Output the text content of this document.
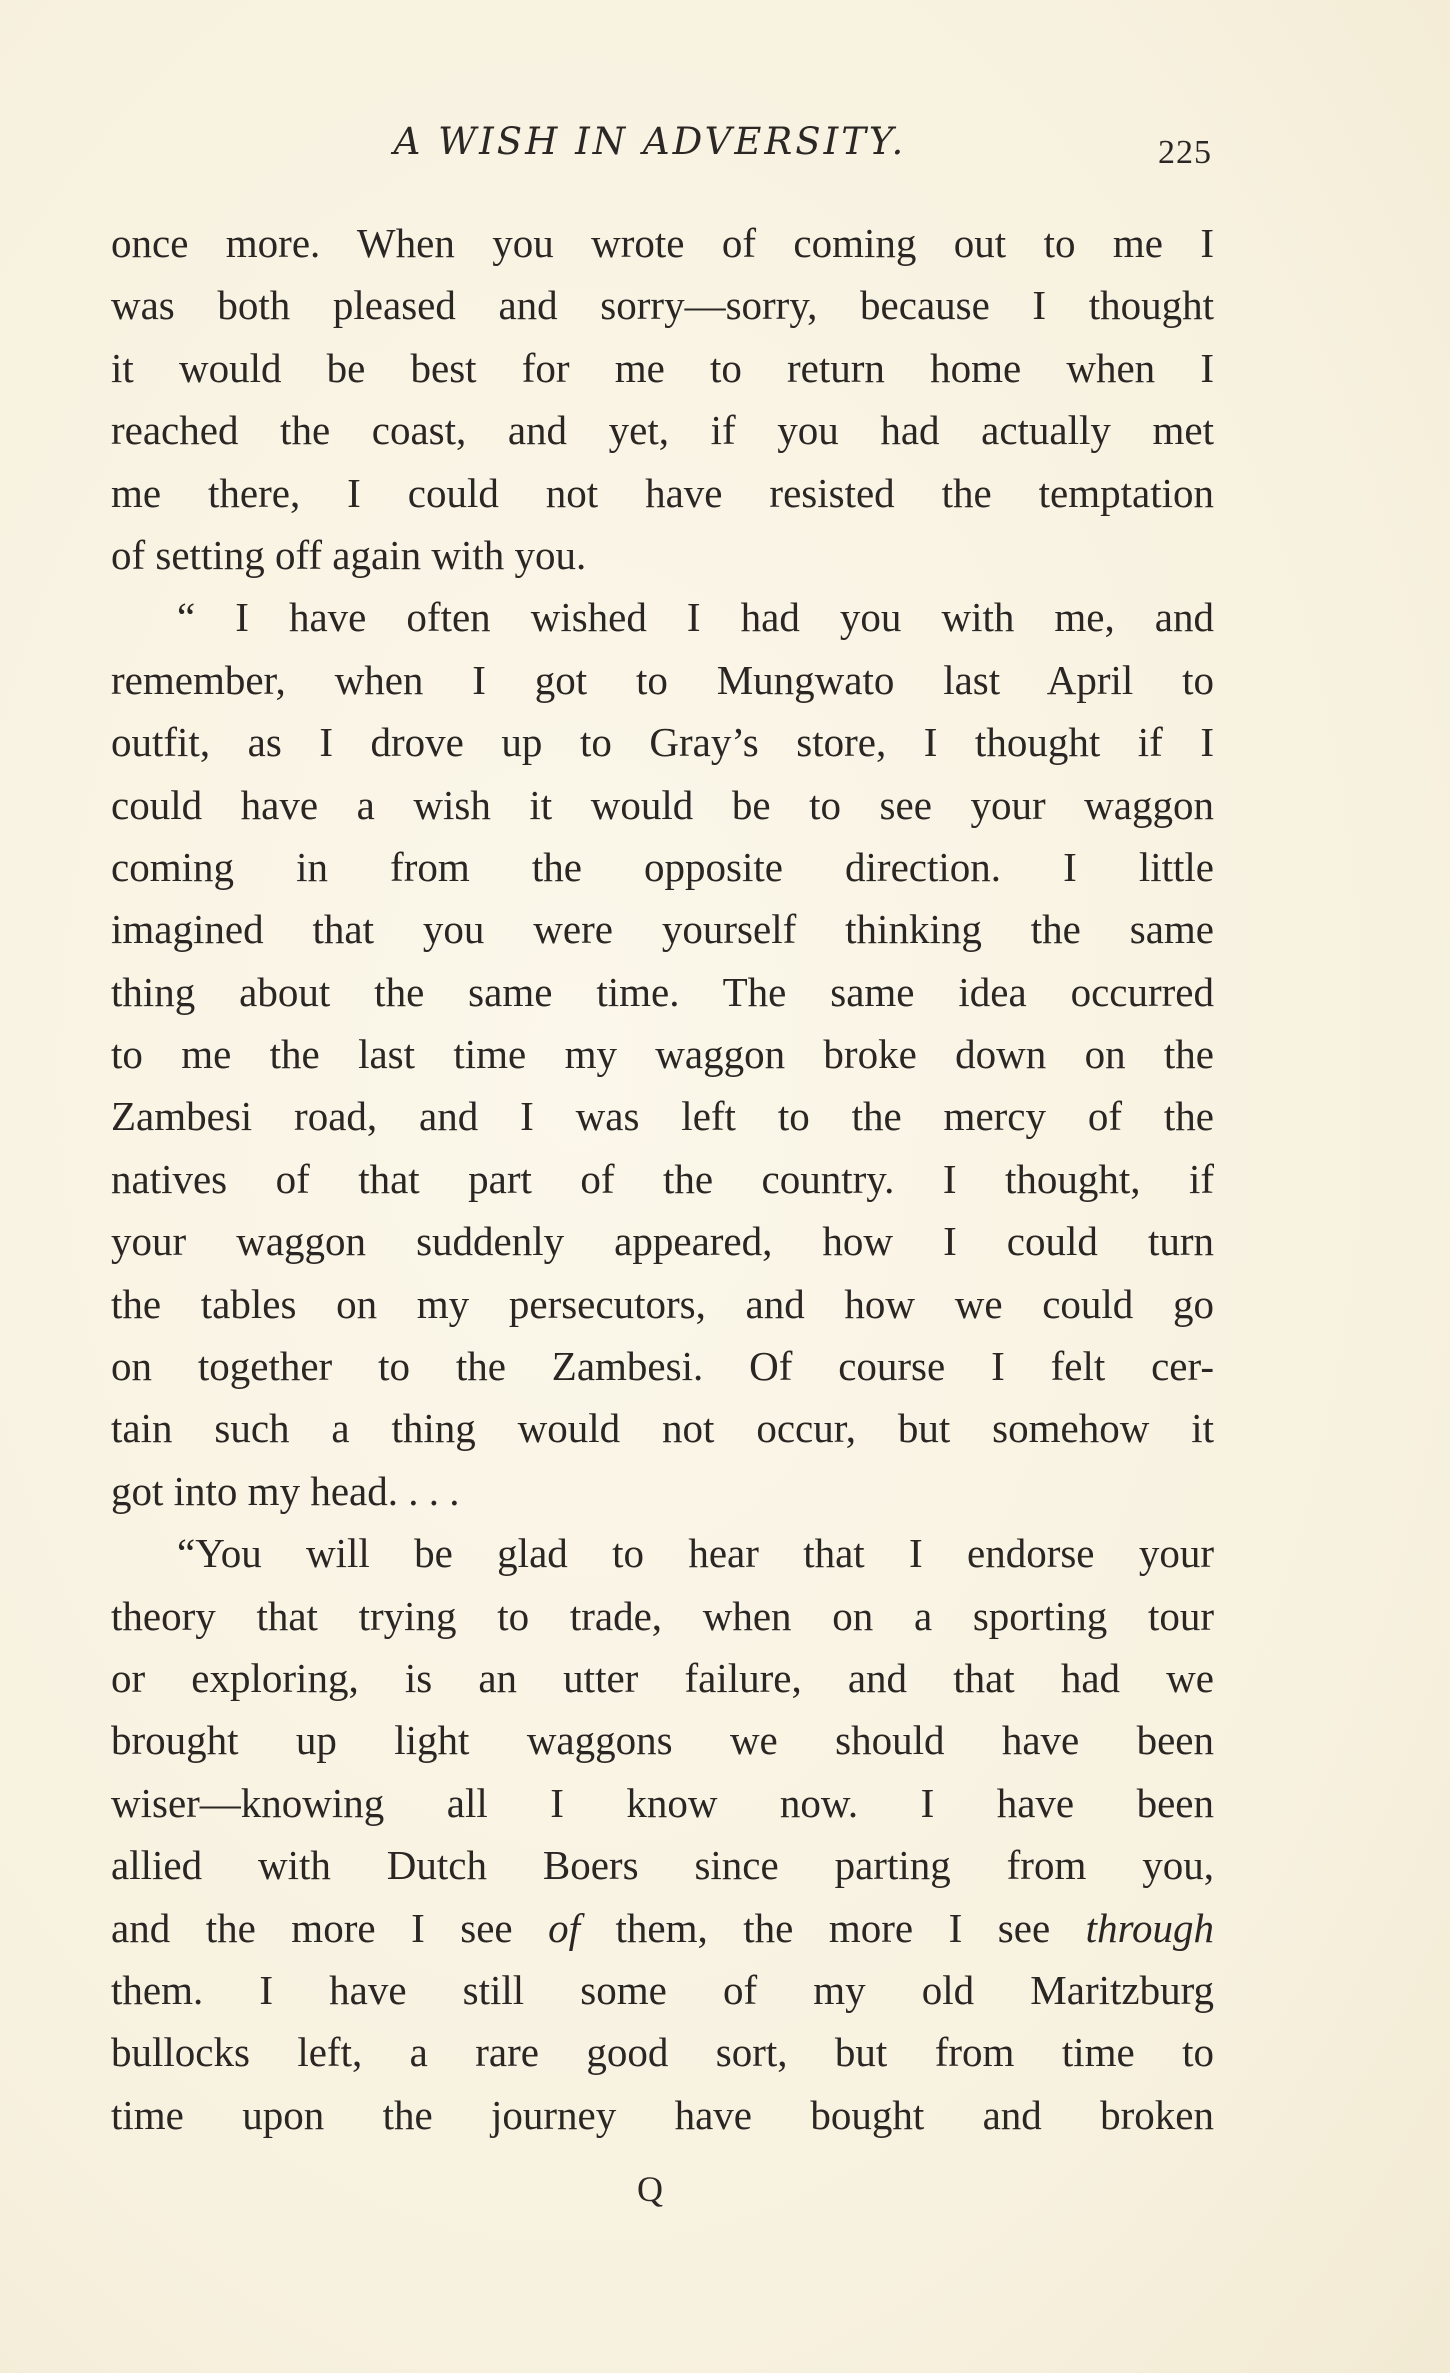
A WISH IN ADVERSITY.	225
once more. When you wrote of coming out to me I
was both pleased and sorry—sorry, because I thought
it would be best for me to return home when I
reached the coast, and yet, if you had actually met
me there, I could not have resisted the temptation
of setting off again with you.
“ I have often wished I had you with me, and
remember, when I got to Mungwato last April to
outfit, as I drove up to Gray’s store, I thought if I
could have a wish it would be to see your waggon
coming in from the opposite direction. I little
imagined that you were yourself thinking the same
thing about the same time. The same idea occurred
to me the last time my waggon broke down on the
Zambesi road, and I was left to the mercy of the
natives of that part of the country. I thought, if
your waggon suddenly appeared, how I could turn
the tables on my persecutors, and how we could go
on together to the Zambesi. Of course I felt cer-
tain such a thing would not occur, but somehow it
got into my head. . . .
“You will be glad to hear that I endorse your
theory that trying to trade, when on a sporting tour
or exploring, is an utter failure, and that had we
brought up light waggons we should have been
wiser—knowing all I know now. I have been
allied with Dutch Boers since parting from you,
and the more I see of them, the more I see through
them. I have still some of my old Maritzburg
bullocks left, a rare good sort, but from time to
time upon the journey have bought and broken
Q
